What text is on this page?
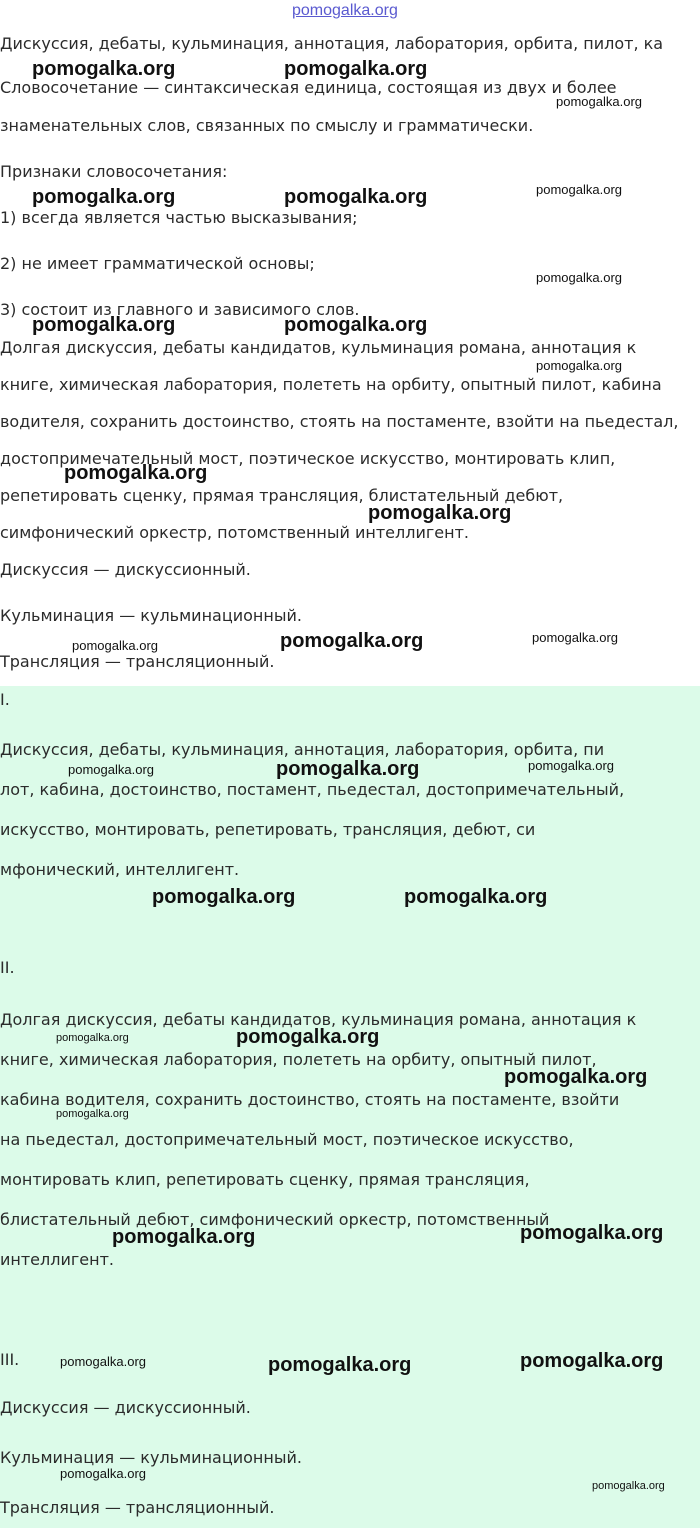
pomogalka.org
Дискуссия, дебаты, кульминация, аннотация, лаборатория, орбита, пилот, ка
Словосочетание — синтаксическая единица, состоящая из двух и более
знаменательных слов, связанных по смыслу и грамматически.
Признаки словосочетания:
1) всегда является частью высказывания;
2) не имеет грамматической основы;
3) состоит из главного и зависимого слов.
Долгая дискуссия, дебаты кандидатов, кульминация романа, аннотация к
книге, химическая лаборатория, полететь на орбиту, опытный пилот, кабина
водителя, сохранить достоинство, стоять на постаменте, взойти на пьедестал,
достопримечательный мост, поэтическое искусство, монтировать клип,
репетировать сценку, прямая трансляция, блистательный дебют,
симфонический оркестр, потомственный интеллигент.
Дискуссия — дискуссионный.
Кульминация — кульминационный.
Трансляция — трансляционный.
I.
Дискуссия, дебаты, кульминация, аннотация, лаборатория, орбита, пи
лот, кабина, достоинство, постамент, пьедестал, достопримечательный,
искусство, монтировать, репетировать, трансляция, дебют, си
мфонический, интеллигент.
II.
Долгая дискуссия, дебаты кандидатов, кульминация романа, аннотация к
книге, химическая лаборатория, полететь на орбиту, опытный пилот,
кабина водителя, сохранить достоинство, стоять на постаменте, взойти
на пьедестал, достопримечательный мост, поэтическое искусство,
монтировать клип, репетировать сценку, прямая трансляция,
блистательный дебют, симфонический оркестр, потомственный
интеллигент.
III.
Дискуссия — дискуссионный.
Кульминация — кульминационный.
Трансляция — трансляционный.
pomogalka.org	pomogalka.org
pomogalka.org
pomogalka.org	pomogalka.org	pomogalka.org
pomogalka.org
pomogalka.org	pomogalka.org
pomogalka.org
pomogalka.org
pomogalka.org
pomogalka.org	pomogalka.org	pomogalka.org
pomogalka.org	pomogalka.org	pomogalka.org
pomogalka.org	pomogalka.org
pomogalka.org	pomogalka.org
pomogalka.org
pomogalka.org
pomogalka.org	pomogalka.org
pomogalka.org	pomogalka.org	pomogalka.org
pomogalka.org
pomogalka.org
